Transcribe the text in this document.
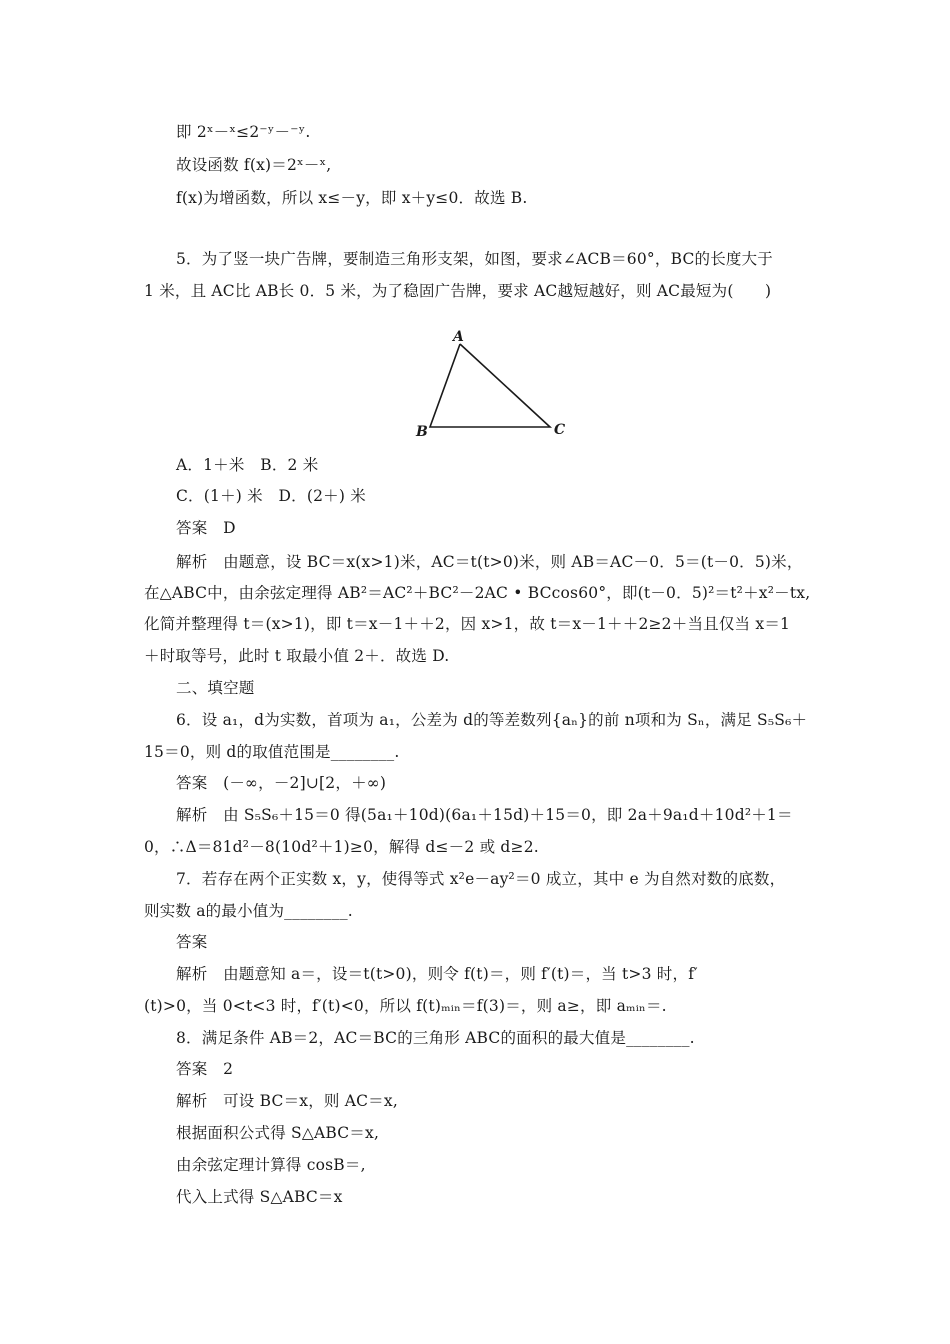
即 2ˣ－ˣ≤2⁻ʸ－⁻ʸ.
故设函数 f(x)＝2ˣ－ˣ,
f(x)为增函数，所以 x≤－y，即 x＋y≤0．故选 B.
5．为了竖一块广告牌，要制造三角形支架，如图，要求∠ACB＝60°，BC的长度大于
1 米，且 AC比 AB长 0．5 米，为了稳固广告牌，要求 AC越短越好，则 AC最短为(　　)
A
B	C
A．1＋米　B．2 米
C．(1＋) 米　D．(2＋) 米
答案　D
解析　由题意，设 BC＝x(x>1)米，AC＝t(t>0)米，则 AB＝AC－0．5＝(t－0．5)米，
在△ABC中，由余弦定理得 AB²＝AC²＋BC²－2AC • BCcos60°，即(t－0．5)²＝t²＋x²－tx,
化简并整理得 t＝(x>1)，即 t＝x－1＋＋2，因 x>1，故 t＝x－1＋＋2≥2＋当且仅当 x＝1
＋时取等号，此时 t 取最小值 2＋．故选 D.
二、填空题
6．设 a₁，d为实数，首项为 a₁，公差为 d的等差数列{aₙ}的前 n项和为 Sₙ，满足 S₅S₆＋
15＝0，则 d的取值范围是________.
答案　(－∞，－2]∪[2，＋∞)
解析　由 S₅S₆＋15＝0 得(5a₁＋10d)(6a₁＋15d)＋15＝0，即 2a＋9a₁d＋10d²＋1＝
0，∴Δ＝81d²－8(10d²＋1)≥0，解得 d≤－2 或 d≥2.
7．若存在两个正实数 x，y，使得等式 x²e－ay²＝0 成立，其中 e 为自然对数的底数，
则实数 a的最小值为________.
答案
解析　由题意知 a＝，设＝t(t>0)，则令 f(t)＝，则 f′(t)＝，当 t>3 时，f′
(t)>0，当 0<t<3 时，f′(t)<0，所以 f(t)ₘᵢₙ＝f(3)＝，则 a≥，即 aₘᵢₙ＝.
8．满足条件 AB＝2，AC＝BC的三角形 ABC的面积的最大值是________.
答案　2
解析　可设 BC＝x，则 AC＝x,
根据面积公式得 S△ABC＝x,
由余弦定理计算得 cosB＝,
代入上式得 S△ABC＝x
